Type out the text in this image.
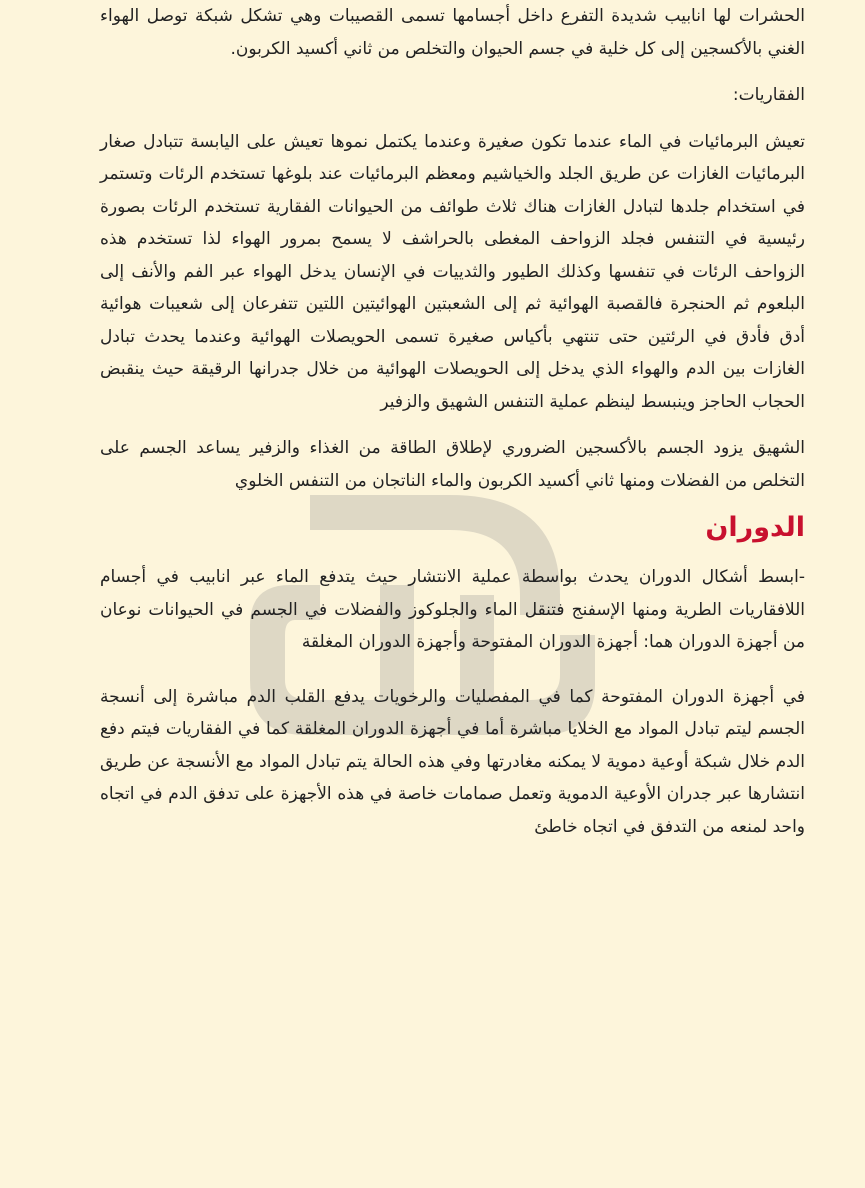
الحشرات لها انابيب شديدة التفرع داخل أجسامها تسمى القصيبات وهي تشكل شبكة توصل الهواء الغني بالأكسجين إلى كل خلية في جسم الحيوان والتخلص من ثاني أكسيد الكربون.

الفقاريات:

تعيش البرمائيات في الماء عندما تكون صغيرة وعندما يكتمل نموها تعيش على اليابسة تتبادل صغار البرمائيات الغازات عن طريق الجلد والخياشيم ومعظم البرمائيات عند بلوغها تستخدم الرئات وتستمر في استخدام جلدها لتبادل الغازات هناك ثلاث طوائف من الحيوانات الفقارية تستخدم الرئات بصورة رئيسية في التنفس فجلد الزواحف المغطى بالحراشف لا يسمح بمرور الهواء لذا تستخدم هذه الزواحف الرئات في تنفسها وكذلك الطيور والثدييات في الإنسان يدخل الهواء عبر الفم والأنف إلى البلعوم ثم الحنجرة فالقصبة الهوائية ثم إلى الشعبتين الهوائيتين اللتين تتفرعان إلى شعيبات هوائية أدق فأدق في الرئتين حتى تنتهي بأكياس صغيرة تسمى الحويصلات الهوائية وعندما يحدث تبادل الغازات بين الدم والهواء الذي يدخل إلى الحويصلات الهوائية من خلال جدرانها الرقيقة حيث ينقبض الحجاب الحاجز وينبسط لينظم عملية التنفس الشهيق والزفير

الشهيق يزود الجسم بالأكسجين الضروري لإطلاق الطاقة من الغذاء والزفير يساعد الجسم على التخلص من الفضلات ومنها ثاني أكسيد الكربون والماء الناتجان من التنفس الخلوي

الدوران

-ابسط أشكال الدوران يحدث بواسطة عملية الانتشار حيث يتدفع الماء عبر انابيب في أجسام اللافقاريات الطرية ومنها الإسفنج فتنقل الماء والجلوكوز والفضلات في الجسم في الحيوانات نوعان من أجهزة الدوران هما: أجهزة الدوران المفتوحة وأجهزة الدوران المغلقة

في أجهزة الدوران المفتوحة كما في المفصليات والرخويات يدفع القلب الدم مباشرة إلى أنسجة الجسم ليتم تبادل المواد مع الخلايا مباشرة أما في أجهزة الدوران المغلقة كما في الفقاريات فيتم دفع الدم خلال شبكة أوعية دموية لا يمكنه مغادرتها وفي هذه الحالة يتم تبادل المواد مع الأنسجة عن طريق انتشارها عبر جدران الأوعية الدموية وتعمل صمامات خاصة في هذه الأجهزة على تدفق الدم في اتجاه واحد لمنعه من التدفق في اتجاه خاطئ
